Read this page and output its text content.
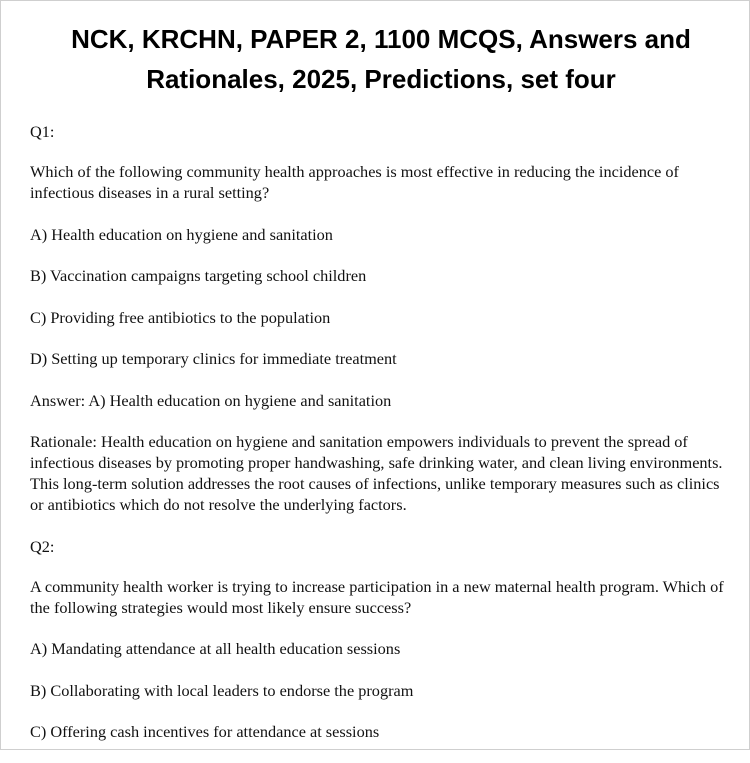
NCK, KRCHN, PAPER 2, 1100 MCQS, Answers and
Rationales, 2025, Predictions, set four

Q1:

Which of the following community health approaches is most effective in reducing the incidence of infectious diseases in a rural setting?

A) Health education on hygiene and sanitation

B) Vaccination campaigns targeting school children

C) Providing free antibiotics to the population

D) Setting up temporary clinics for immediate treatment

Answer: A) Health education on hygiene and sanitation

Rationale: Health education on hygiene and sanitation empowers individuals to prevent the spread of infectious diseases by promoting proper handwashing, safe drinking water, and clean living environments. This long-term solution addresses the root causes of infections, unlike temporary measures such as clinics or antibiotics which do not resolve the underlying factors.

Q2:

A community health worker is trying to increase participation in a new maternal health program. Which of the following strategies would most likely ensure success?

A) Mandating attendance at all health education sessions

B) Collaborating with local leaders to endorse the program

C) Offering cash incentives for attendance at sessions
